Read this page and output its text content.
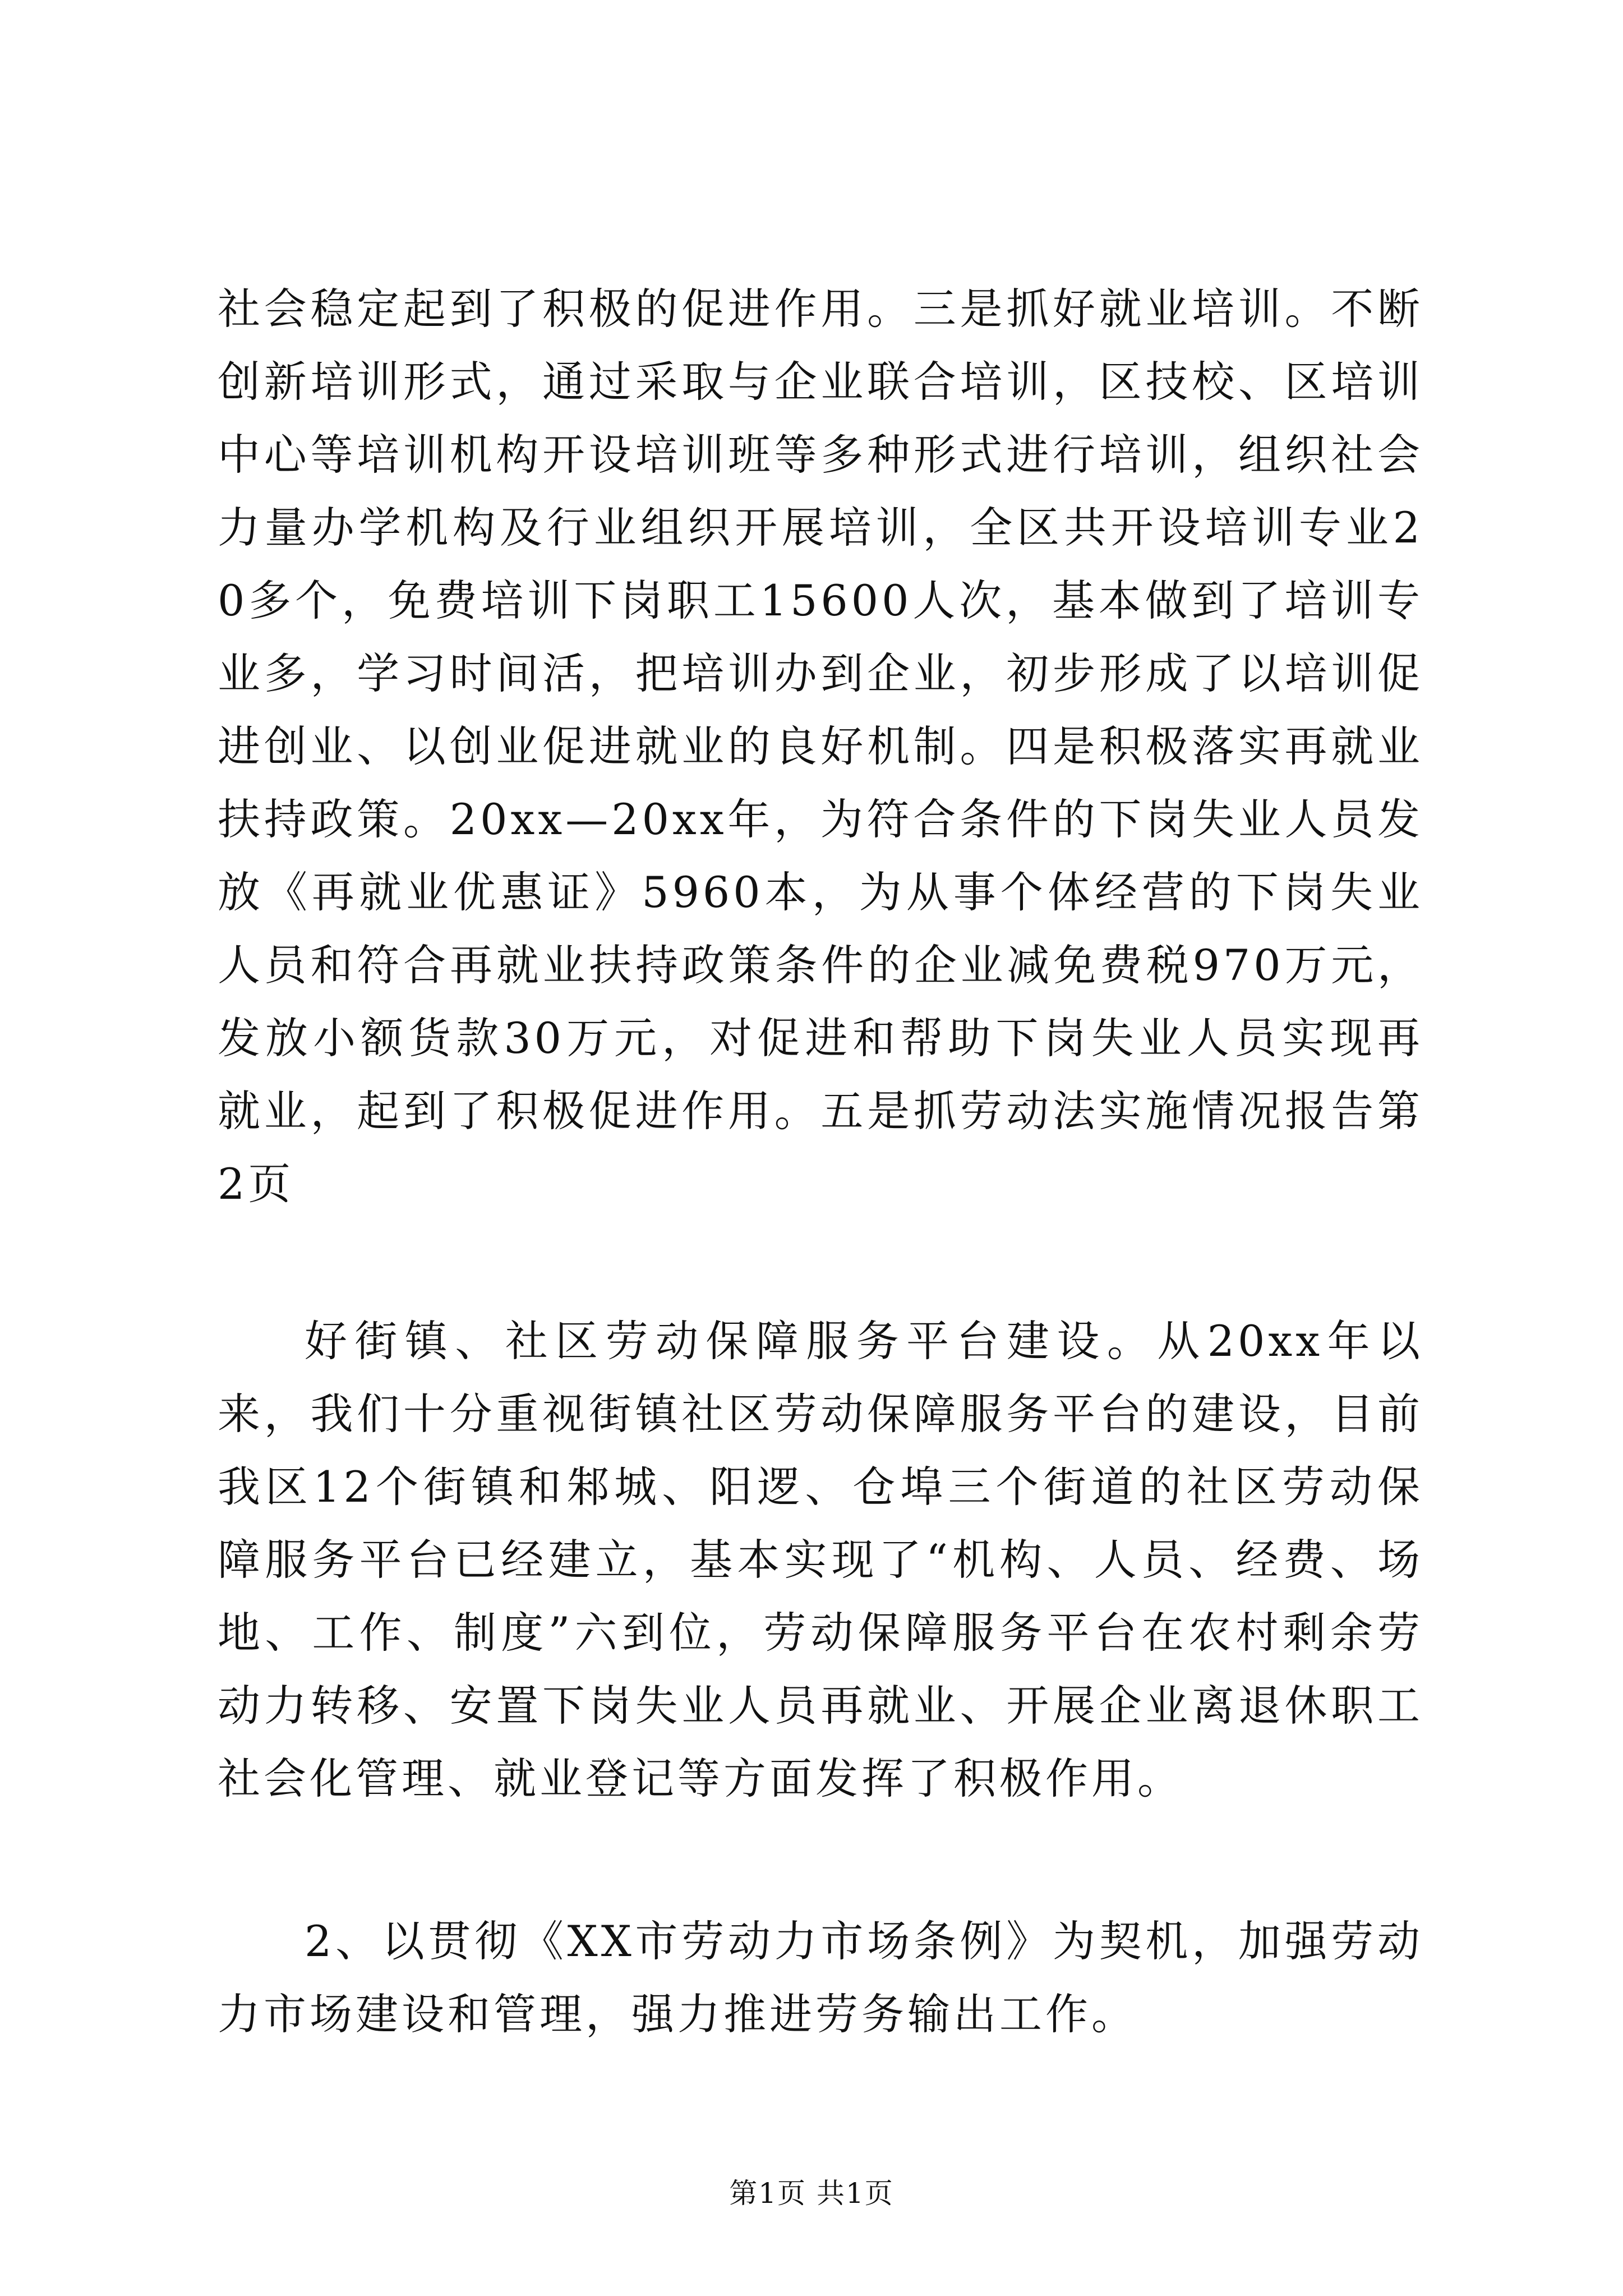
社会稳定起到了积极的促进作用。三是抓好就业培训。不断创新培训形式，通过采取与企业联合培训，区技校、区培训中心等培训机构开设培训班等多种形式进行培训，组织社会力量办学机构及行业组织开展培训，全区共开设培训专业20多个，免费培训下岗职工15600人次，基本做到了培训专业多，学习时间活，把培训办到企业，初步形成了以培训促进创业、以创业促进就业的良好机制。四是积极落实再就业扶持政策。20xx—20xx年，为符合条件的下岗失业人员发放《再就业优惠证》5960本，为从事个体经营的下岗失业人员和符合再就业扶持政策条件的企业减免费税970万元，发放小额货款30万元，对促进和帮助下岗失业人员实现再就业，起到了积极促进作用。五是抓劳动法实施情况报告第2页

好街镇、社区劳动保障服务平台建设。从20xx年以来，我们十分重视街镇社区劳动保障服务平台的建设，目前我区12个街镇和邾城、阳逻、仓埠三个街道的社区劳动保障服务平台已经建立，基本实现了“机构、人员、经费、场地、工作、制度”六到位，劳动保障服务平台在农村剩余劳动力转移、安置下岗失业人员再就业、开展企业离退休职工社会化管理、就业登记等方面发挥了积极作用。

2、以贯彻《XX市劳动力市场条例》为契机，加强劳动力市场建设和管理，强力推进劳务输出工作。

第1页 共1页
